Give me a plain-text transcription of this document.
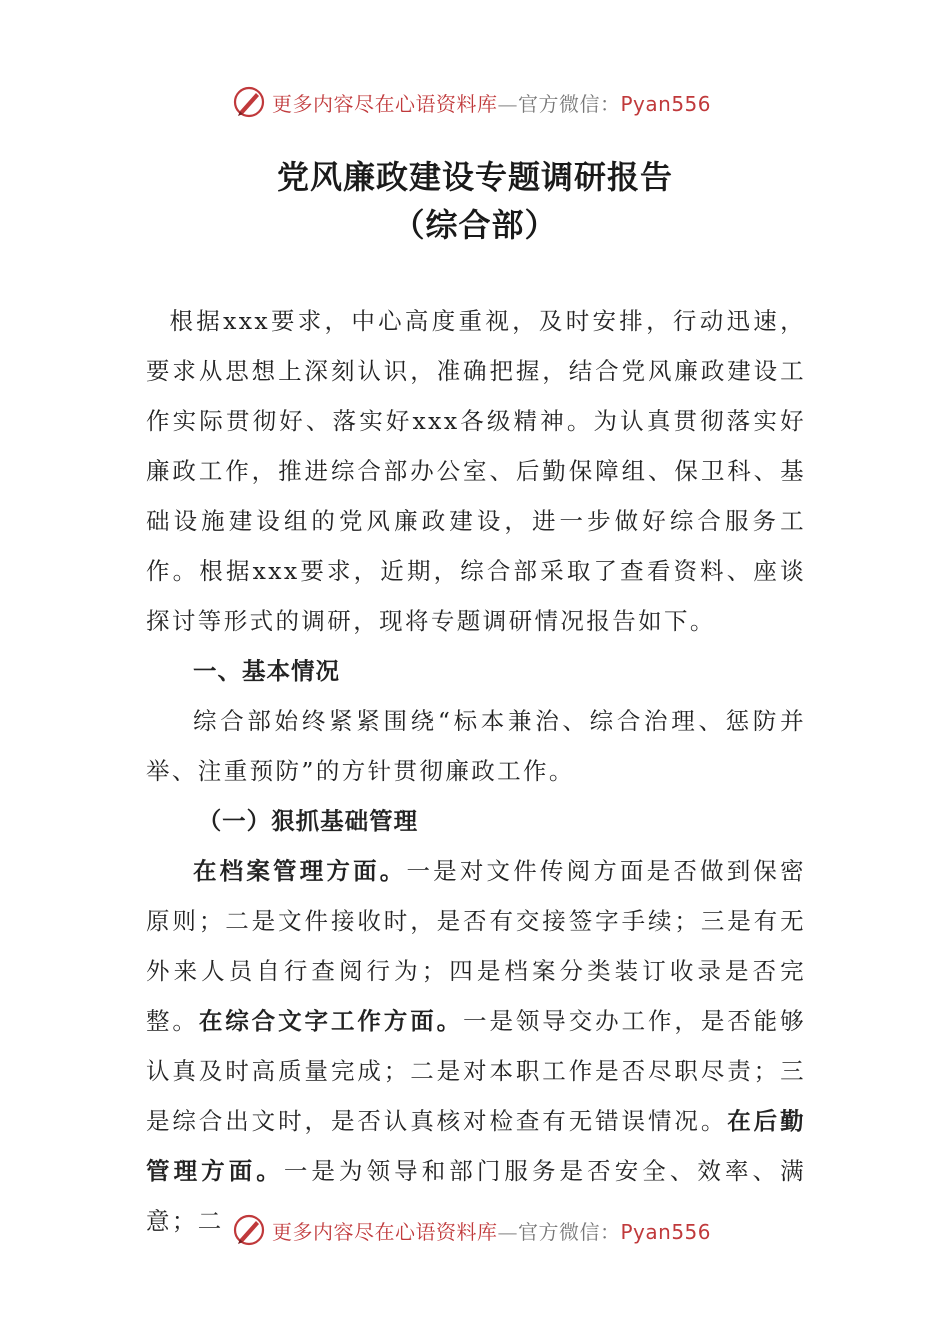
更多内容尽在心语资料库—官方微信：Pyan556
党风廉政建设专题调研报告
（综合部）

根据xxx要求，中心高度重视，及时安排，行动迅速，要求从思想上深刻认识，准确把握，结合党风廉政建设工作实际贯彻好、落实好xxx各级精神。为认真贯彻落实好廉政工作，推进综合部办公室、后勤保障组、保卫科、基础设施建设组的党风廉政建设，进一步做好综合服务工作。根据xxx要求，近期，综合部采取了查看资料、座谈探讨等形式的调研，现将专题调研情况报告如下。

一、基本情况

综合部始终紧紧围绕“标本兼治、综合治理、惩防并举、注重预防”的方针贯彻廉政工作。

（一）狠抓基础管理

在档案管理方面。一是对文件传阅方面是否做到保密原则；二是文件接收时，是否有交接签字手续；三是有无外来人员自行查阅行为；四是档案分类装订收录是否完整。在综合文字工作方面。一是领导交办工作，是否能够认真及时高质量完成；二是对本职工作是否尽职尽责；三是综合出文时，是否认真核对检查有无错误情况。在后勤管理方面。一是为领导和部门服务是否安全、效率、满意；二	更多内容尽在心语资料库—官方微信：Pyan556
